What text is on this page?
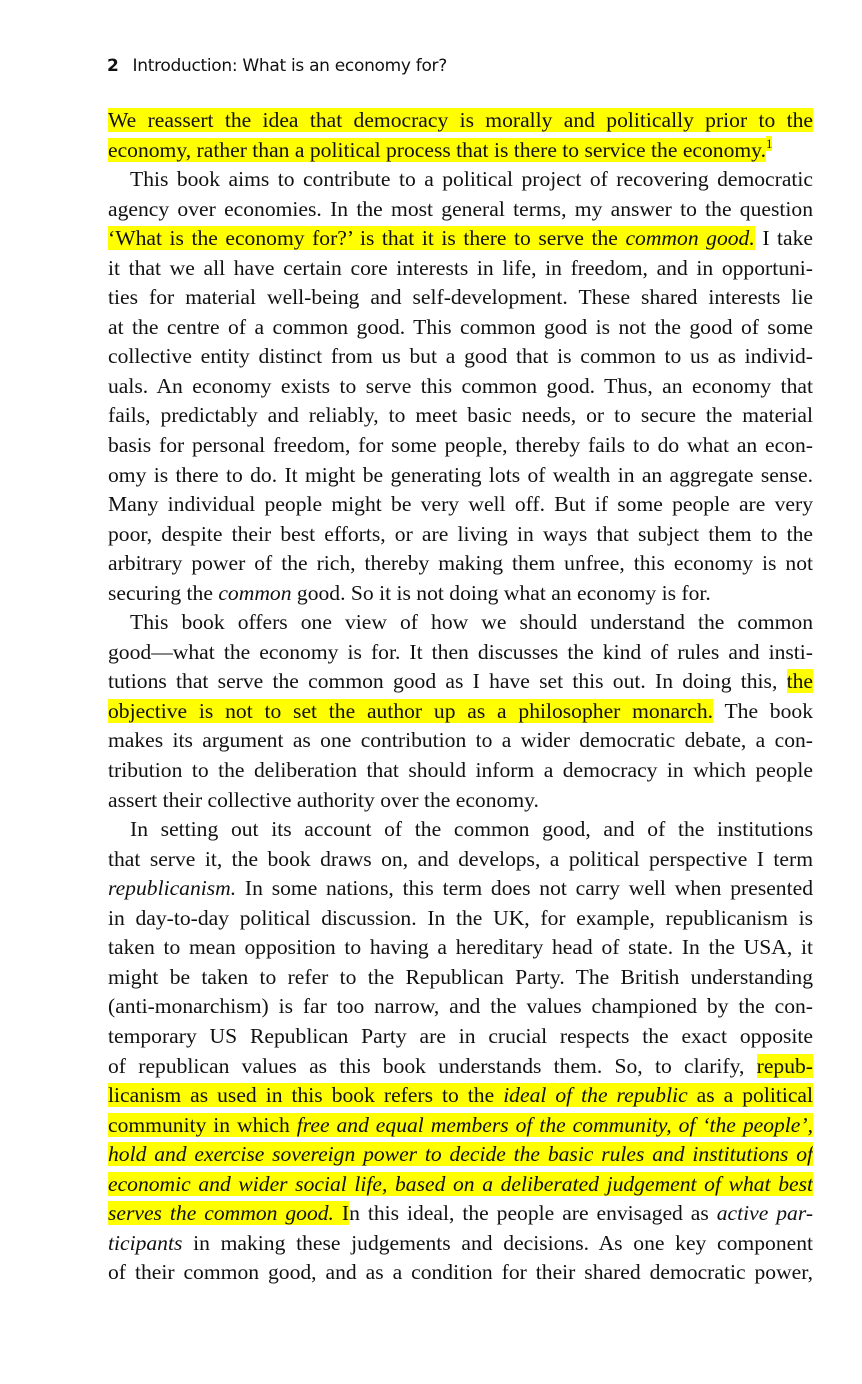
2 Introduction: What is an economy for?
We reassert the idea that democracy is morally and politically prior to the
economy, rather than a political process that is there to service the economy.$^1$
This book aims to contribute to a political project of recovering democratic
agency over economies. In the most general terms, my answer to the question
‘What is the economy for?’ is that it is there to serve the common good. I take
it that we all have certain core interests in life, in freedom, and in opportuni-
ties for material well-being and self-development. These shared interests lie
at the centre of a common good. This common good is not the good of some
collective entity distinct from us but a good that is common to us as individ-
uals. An economy exists to serve this common good. Thus, an economy that
fails, predictably and reliably, to meet basic needs, or to secure the material
basis for personal freedom, for some people, thereby fails to do what an econ-
omy is there to do. It might be generating lots of wealth in an aggregate sense.
Many individual people might be very well off. But if some people are very
poor, despite their best efforts, or are living in ways that subject them to the
arbitrary power of the rich, thereby making them unfree, this economy is not
securing the common good. So it is not doing what an economy is for.
This book offers one view of how we should understand the common
good—what the economy is for. It then discusses the kind of rules and insti-
tutions that serve the common good as I have set this out. In doing this, the
objective is not to set the author up as a philosopher monarch. The book
makes its argument as one contribution to a wider democratic debate, a con-
tribution to the deliberation that should inform a democracy in which people
assert their collective authority over the economy.
In setting out its account of the common good, and of the institutions
that serve it, the book draws on, and develops, a political perspective I term
republicanism. In some nations, this term does not carry well when presented
in day-to-day political discussion. In the UK, for example, republicanism is
taken to mean opposition to having a hereditary head of state. In the USA, it
might be taken to refer to the Republican Party. The British understanding
(anti-monarchism) is far too narrow, and the values championed by the con-
temporary US Republican Party are in crucial respects the exact opposite
of republican values as this book understands them. So, to clarify, repub-
licanism as used in this book refers to the ideal of the republic as a political
community in which free and equal members of the community, of ‘the people’,
hold and exercise sovereign power to decide the basic rules and institutions of
economic and wider social life, based on a deliberated judgement of what best
serves the common good. In this ideal, the people are envisaged as active par-
ticipants in making these judgements and decisions. As one key component
of their common good, and as a condition for their shared democratic power,
